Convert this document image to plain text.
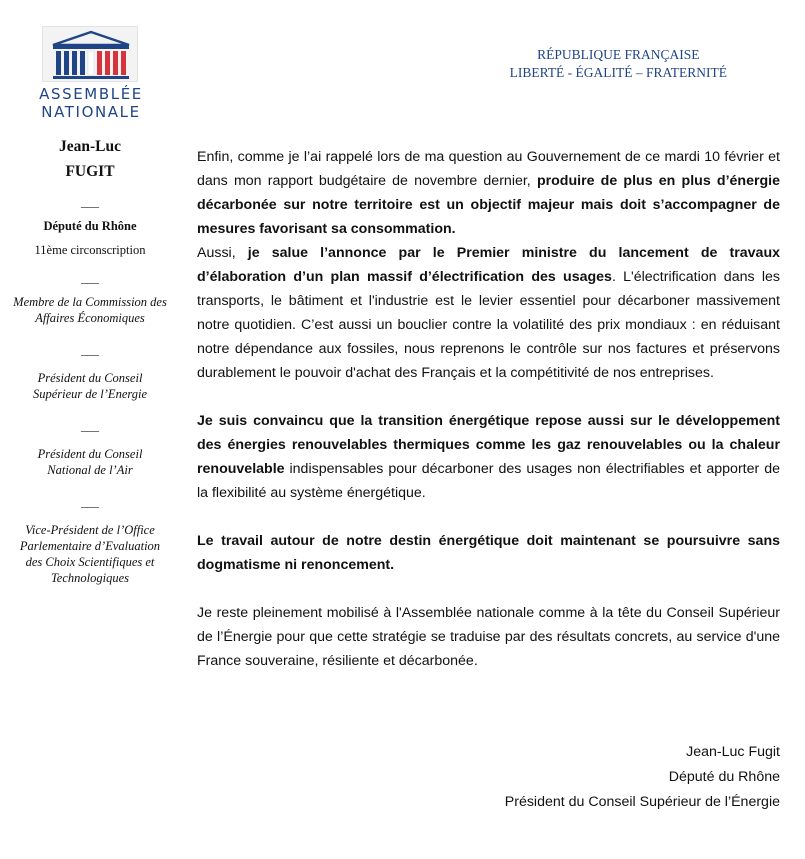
ASSEMBLÉE
NATIONALE
RÉPUBLIQUE FRANÇAISE
LIBERTÉ - ÉGALITÉ – FRATERNITÉ
Jean-Luc
FUGIT
___
Député du Rhône
11ème circonscription
___
Membre de la Commission des Affaires Économiques
___
Président du Conseil Supérieur de l’Energie
___
Président du Conseil National de l’Air
___
Vice-Président de l’Office Parlementaire d’Evaluation des Choix Scientifiques et Technologiques

Enfin, comme je l’ai rappelé lors de ma question au Gouvernement de ce mardi 10 février et dans mon rapport budgétaire de novembre dernier, produire de plus en plus d’énergie décarbonée sur notre territoire est un objectif majeur mais doit s’accompagner de mesures favorisant sa consommation.
Aussi, je salue l’annonce par le Premier ministre du lancement de travaux d’élaboration d’un plan massif d’électrification des usages. L'électrification dans les transports, le bâtiment et l'industrie est le levier essentiel pour décarboner massivement notre quotidien. C’est aussi un bouclier contre la volatilité des prix mondiaux : en réduisant notre dépendance aux fossiles, nous reprenons le contrôle sur nos factures et préservons durablement le pouvoir d'achat des Français et la compétitivité de nos entreprises.

Je suis convaincu que la transition énergétique repose aussi sur le développement des énergies renouvelables thermiques comme les gaz renouvelables ou la chaleur renouvelable indispensables pour décarboner des usages non électrifiables et apporter de la flexibilité au système énergétique.

Le travail autour de notre destin énergétique doit maintenant se poursuivre sans dogmatisme ni renoncement.

Je reste pleinement mobilisé à l'Assemblée nationale comme à la tête du Conseil Supérieur de l’Énergie pour que cette stratégie se traduise par des résultats concrets, au service d'une France souveraine, résiliente et décarbonée.

Jean-Luc Fugit
Député du Rhône
Président du Conseil Supérieur de l’Énergie
